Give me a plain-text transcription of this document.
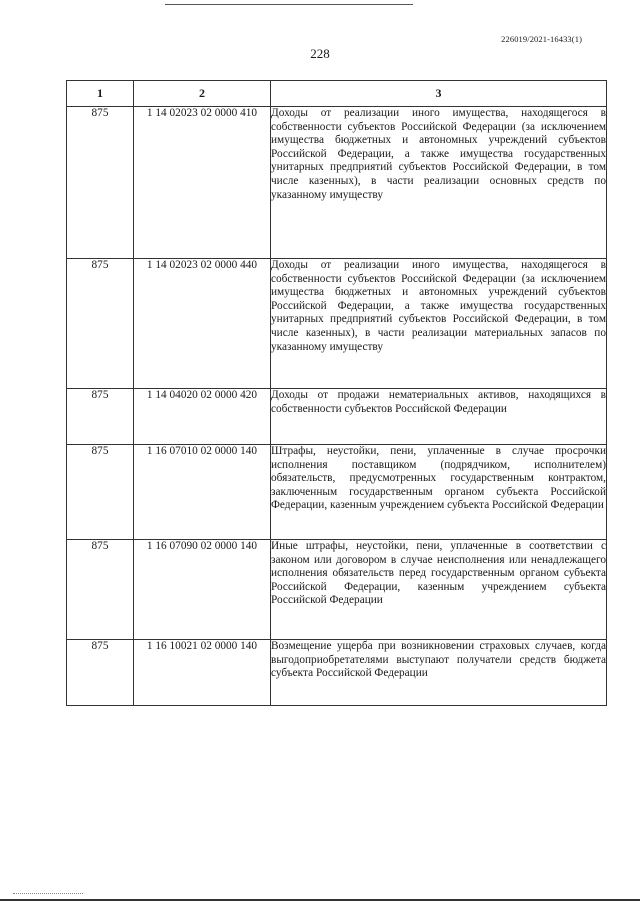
226019/2021-16433(1)
228
1	2	3
875	1 14 02023 02 0000 410	Доходы от реализации иного имущества, находящегося в собственности субъектов Российской Федерации (за исключением имущества бюджетных и автономных учреждений субъектов Российской Федерации, а также имущества государственных унитарных предприятий субъектов Российской Федерации, в том числе казенных), в части реализации основных средств по указанному имуществу
875	1 14 02023 02 0000 440	Доходы от реализации иного имущества, находящегося в собственности субъектов Российской Федерации (за исключением имущества бюджетных и автономных учреждений субъектов Российской Федерации, а также имущества государственных унитарных предприятий субъектов Российской Федерации, в том числе казенных), в части реализации материальных запасов по указанному имуществу
875	1 14 04020 02 0000 420	Доходы от продажи нематериальных активов, находящихся в собственности субъектов Российской Федерации
875	1 16 07010 02 0000 140	Штрафы, неустойки, пени, уплаченные в случае просрочки исполнения поставщиком (подрядчиком, исполнителем) обязательств, предусмотренных государственным контрактом, заключенным государственным органом субъекта Российской Федерации, казенным учреждением субъекта Российской Федерации
875	1 16 07090 02 0000 140	Иные штрафы, неустойки, пени, уплаченные в соответствии с законом или договором в случае неисполнения или ненадлежащего исполнения обязательств перед государственным органом субъекта Российской Федерации, казенным учреждением субъекта Российской Федерации
875	1 16 10021 02 0000 140	Возмещение ущерба при возникновении страховых случаев, когда выгодоприобретателями выступают получатели средств бюджета субъекта Российской Федерации
